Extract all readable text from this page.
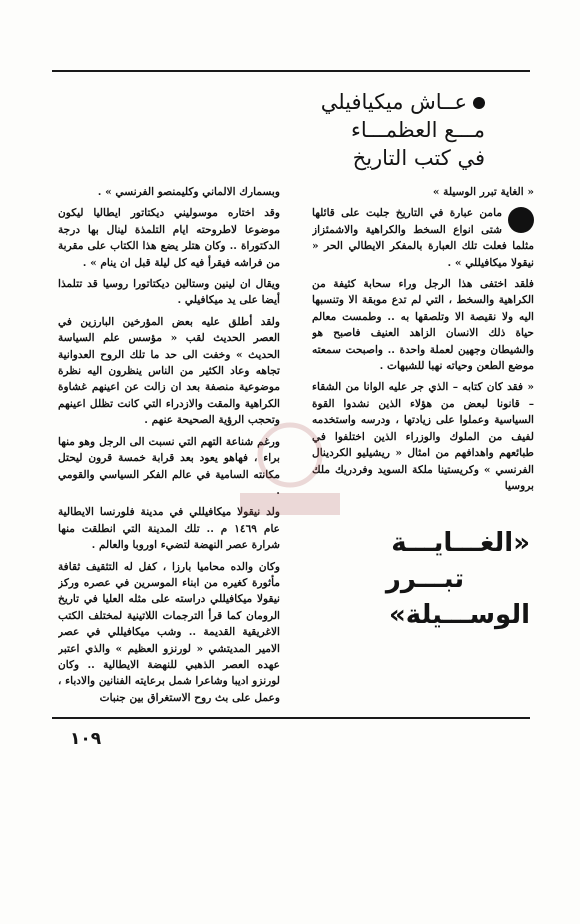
عــاش ميكيافيلي
مـــع العظمـــاء
في كتب التاريخ

« الغاية تبرر الوسيلة »

مامن عبارة في التاريخ جلبت على قائلها شتى انواع السخط والكراهية والاشمئزاز مثلما فعلت تلك العبارة بالمفكر الايطالي الحر « نيقولا ميكافيللي » .

فلقد اختفى هذا الرجل وراء سحابة كثيفة من الكراهية والسخط ، التي لم تدع موبقة الا وتنسبها اليه ولا نقيصة الا وتلصقها به .. وطمست معالم حياة ذلك الانسان الزاهد العنيف فاصبح هو والشيطان وجهين لعملة واحدة .. واصبحت سمعته موضع الطعن وحياته نهبا للشبهات .

« فقد كان كتابه – الذي جر عليه الوانا من الشقاء – قانونا لبعض من هؤلاء الذين نشدوا القوة السياسية وعملوا على زيادتها ، ودرسه واستخدمه لفيف من الملوك والوزراء الذين اختلفوا في طبائعهم واهدافهم من امثال « ريشيليو الكردينال الفرنسي » وكريستينا ملكة السويد وفردريك ملك بروسيا

«الغـــايـــة
تبـــرر
الوســـيلة»

وبسمارك الالماني وكليمنصو الفرنسي » .

وقد اختاره موسوليني ديكتاتور ايطاليا ليكون موضوعا لاطروحته ايام التلمذة لينال بها درجة الدكتوراة .. وكان هتلر يضع هذا الكتاب على مقربة من فراشه فيقرأ فيه كل ليلة قبل ان ينام » .

ويقال ان لينين وستالين ديكتاتورا روسيا قد تتلمذا أيضا على يد ميكافيلي .

ولقد أطلق عليه بعض المؤرخين البارزين في العصر الحديث لقب « مؤسس علم السياسة الحديث » وخفت الى حد ما تلك الروح العدوانية تجاهه وعاد الكثير من الناس ينظرون اليه نظرة موضوعية منصفة بعد ان زالت عن اعينهم غشاوة الكراهية والمقت والازدراء التي كانت تظلل اعينهم وتحجب الرؤية الصحيحة عنهم .

ورغم شناعة التهم التي نسبت الى الرجل وهو منها براء ، فهاهو يعود بعد قرابة خمسة قرون ليحتل مكانته السامية في عالم الفكر السياسي والقومي .

ولد نيقولا ميكافيللي في مدينة فلورنسا الايطالية عام ١٤٦٩ م .. تلك المدينة التي انطلقت منها شرارة عصر النهضة لتضيء اوروبا والعالم .

وكان والده محاميا بارزا ، كفل له التثقيف ثقافة مأثورة كغيره من ابناء الموسرين في عصره وركز نيقولا ميكافيللي دراسته على مثله العليا في تاريخ الرومان كما قرأ الترجمات اللاتينية لمختلف الكتب الاغريقية القديمة .. وشب ميكافيللي في عصر الامير المديتشي « لورنزو العظيم » والذي اعتبر عهده العصر الذهبي للنهضة الايطالية .. وكان لورنزو اديبا وشاعرا شمل برعايته الفنانين والادباء ، وعمل على بث روح الاستغراق بين جنبات

١٠٩
